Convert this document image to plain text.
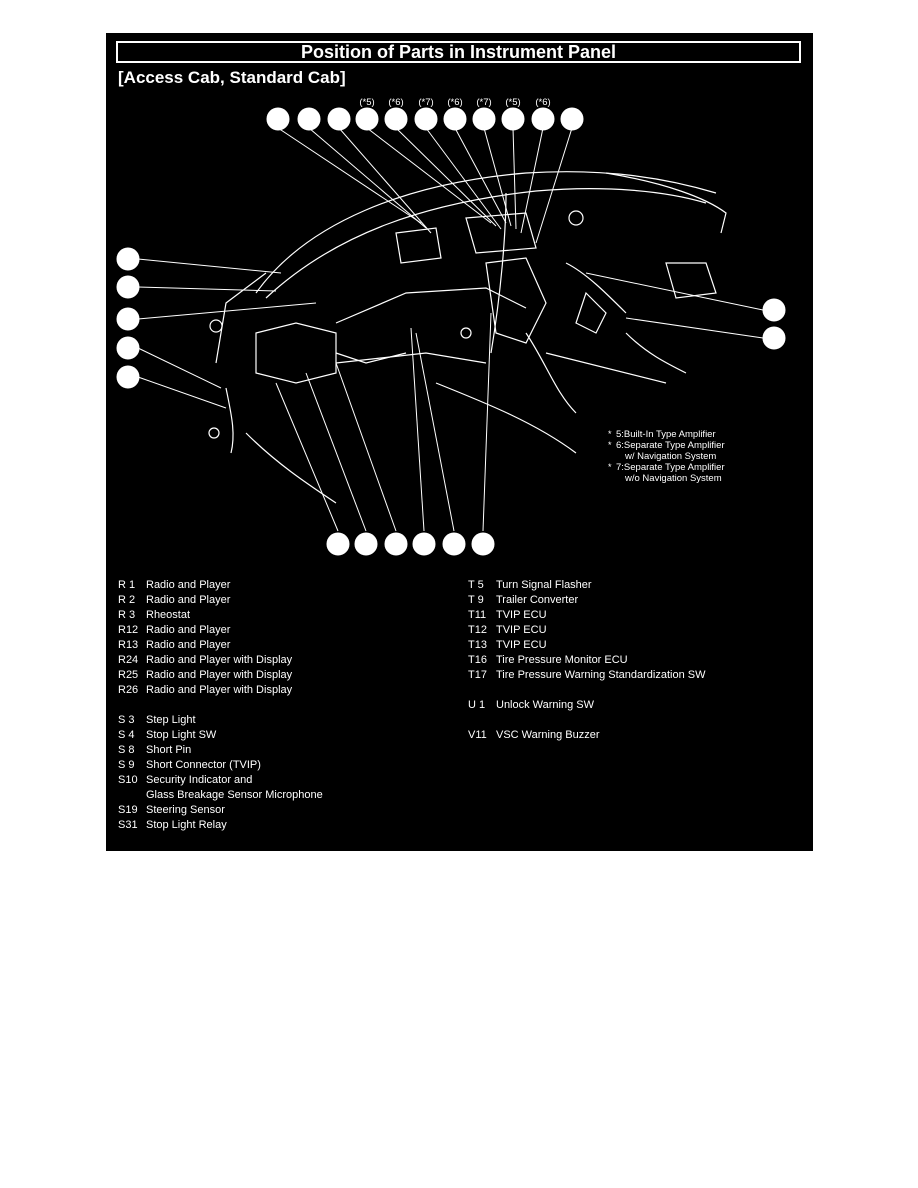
Position of Parts in Instrument Panel
[Access Cab, Standard Cab]
(*5) (*6) (*7) (*6) (*7) (*5) (*6)
T11 T12 T13 R1 R24 R12 R25 R13 R2 R26 T16
S31
S4
S10
S9
S8
T9
V11
S3 T5 T17 R3 S19 U1
* 5:Built-In Type Amplifier
* 6:Separate Type Amplifier
w/ Navigation System
* 7:Separate Type Amplifier
w/o Navigation System
R 1 Radio and Player
R 2 Radio and Player
R 3 Rheostat
R12 Radio and Player
R13 Radio and Player
R24 Radio and Player with Display
R25 Radio and Player with Display
R26 Radio and Player with Display
S 3 Step Light
S 4 Stop Light SW
S 8 Short Pin
S 9 Short Connector (TVIP)
S10 Security Indicator and
Glass Breakage Sensor Microphone
S19 Steering Sensor
S31 Stop Light Relay
T 5 Turn Signal Flasher
T 9 Trailer Converter
T11 TVIP ECU
T12 TVIP ECU
T13 TVIP ECU
T16 Tire Pressure Monitor ECU
T17 Tire Pressure Warning Standardization SW
U 1 Unlock Warning SW
V11 VSC Warning Buzzer
